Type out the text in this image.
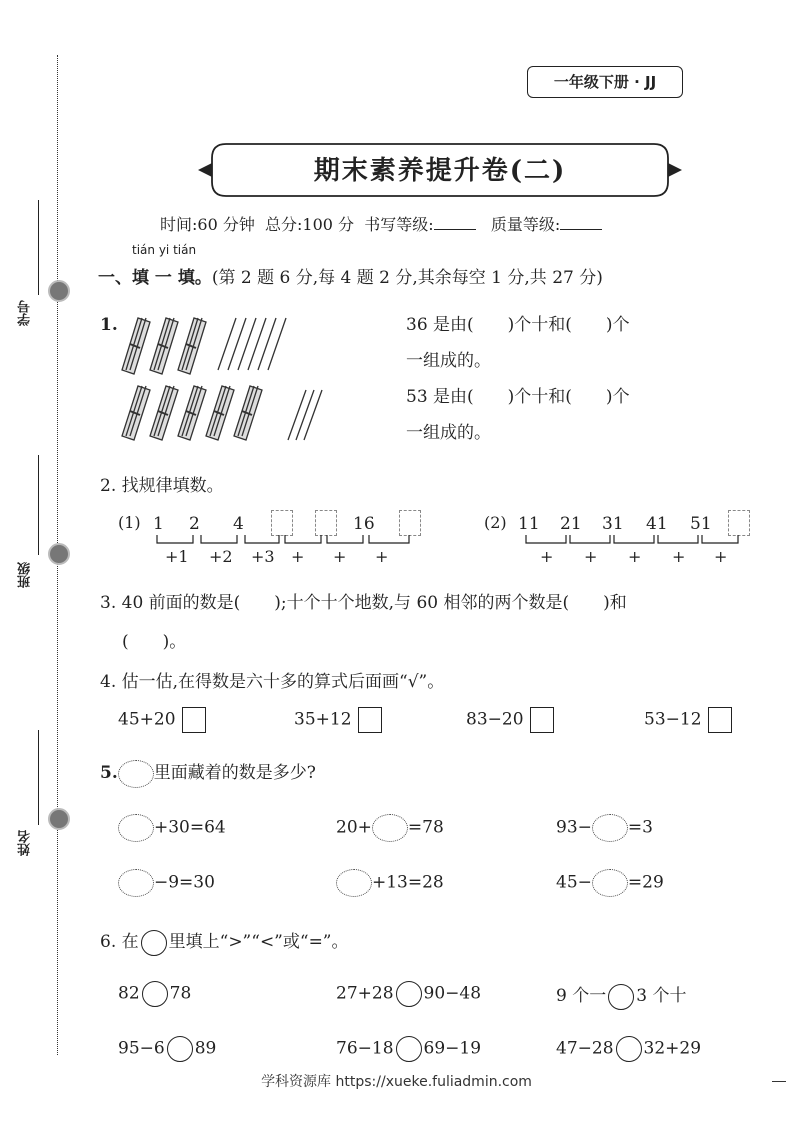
学号
班级
姓名
一年级下册 · JJ
期末素养提升卷(二)
时间:60 分钟 总分:100 分 书写等级:	质量等级:
tián yi tián
一、填 一 填。(第 2 题 6 分,每 4 题 2 分,其余每空 1 分,共 27 分)
1.	36 是由(　　)个十和(　　)个
一组成的。
53 是由(　　)个十和(　　)个
一组成的。
2. 找规律填数。
(1) 1 2 4	16
+1 +2 +3 + + +
(2) 11 21 31 41 51
+ + + + +
3. 40 前面的数是(　　);十个十个地数,与 60 相邻的两个数是(　　)和
(　　)。
4. 估一估,在得数是六十多的算式后面画“√”。
45+20	35+12	83−20	53−12
5. 里面藏着的数是多少?
+30=64	20+ =78	93− =3
−9=30	+13=28	45− =29
6. 在 里填上“>”“<”或“=”。
82 78	27+28 90−48	9 个一 3 个十
95−6 89	76−18 69−19	47−28 32+29
学科资源库 https://xueke.fuliadmin.com
